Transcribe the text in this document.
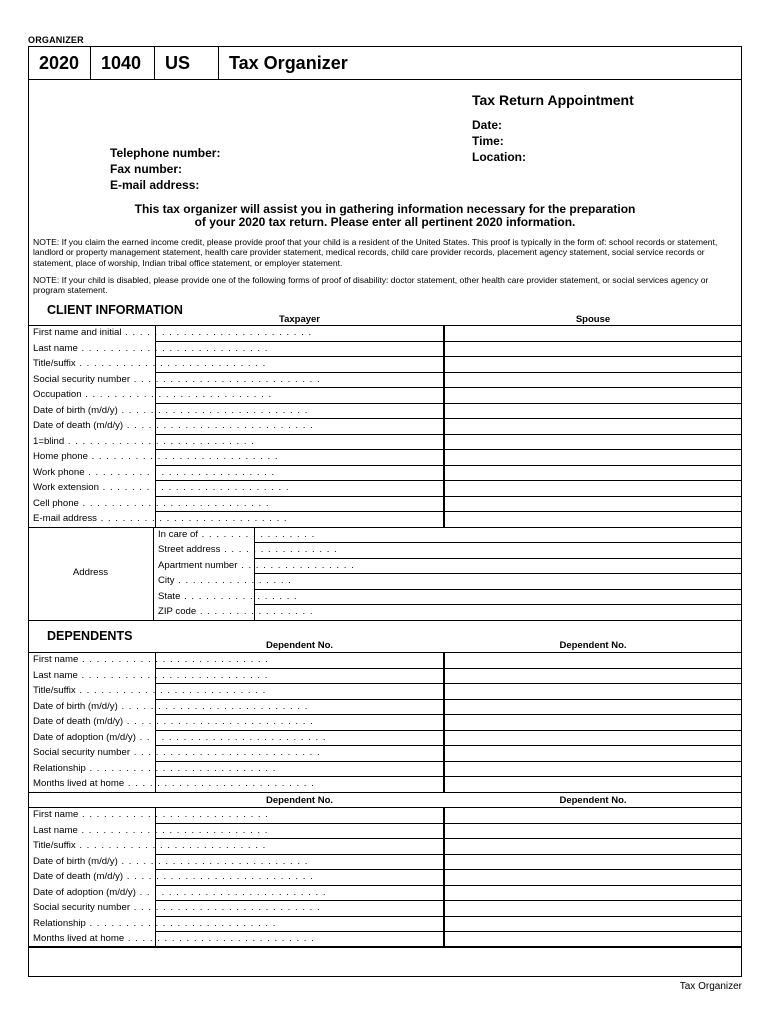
ORGANIZER
2020	1040	US	Tax Organizer
Tax Return Appointment
Date:
Time:
Location:
Telephone number:
Fax number:
E-mail address:
This tax organizer will assist you in gathering information necessary for the preparation
of your 2020 tax return. Please enter all pertinent 2020 information.
NOTE: If you claim the earned income credit, please provide proof that your child is a resident of the United States. This proof is typically in the form of: school records or statement, landlord or property management statement, health care provider statement, medical records, child care provider records, placement agency statement, social service records or statement, place of worship, Indian tribal office statement, or employer statement.
NOTE: If your child is disabled, please provide one of the following forms of proof of disability: doctor statement, other health care provider statement, or social services agency or program statement.
CLIENT INFORMATION
Taxpayer	Spouse
First name and initial . . . . . . . . . . . . . . . . . . . . . . . . . .
Last name . . . . . . . . . . . . . . . . . . . . . . . . . .
Title/suffix . . . . . . . . . . . . . . . . . . . . . . . . . .
Social security number . . . . . . . . . . . . . . . . . . . . . . . . . .
Occupation . . . . . . . . . . . . . . . . . . . . . . . . . .
Date of birth (m/d/y) . . . . . . . . . . . . . . . . . . . . . . . . . .
Date of death (m/d/y) . . . . . . . . . . . . . . . . . . . . . . . . . .
1=blind . . . . . . . . . . . . . . . . . . . . . . . . . .
Home phone . . . . . . . . . . . . . . . . . . . . . . . . . .
Work phone . . . . . . . . . . . . . . . . . . . . . . . . . .
Work extension . . . . . . . . . . . . . . . . . . . . . . . . . .
Cell phone . . . . . . . . . . . . . . . . . . . . . . . . . .
E-mail address . . . . . . . . . . . . . . . . . . . . . . . . . .
Address
In care of . . . . . . . . . . . . . . . .
Street address . . . . . . . . . . . . . . . .
Apartment number . . . . . . . . . . . . . . . .
City . . . . . . . . . . . . . . . .
State . . . . . . . . . . . . . . . .
ZIP code . . . . . . . . . . . . . . . .
DEPENDENTS
Dependent No.	Dependent No.
Dependent No.	Dependent No.
First name . . . . . . . . . . . . . . . . . . . . . . . . . .
Last name . . . . . . . . . . . . . . . . . . . . . . . . . .
Title/suffix . . . . . . . . . . . . . . . . . . . . . . . . . .
Date of birth (m/d/y) . . . . . . . . . . . . . . . . . . . . . . . . . .
Date of death (m/d/y) . . . . . . . . . . . . . . . . . . . . . . . . . .
Date of adoption (m/d/y) . . . . . . . . . . . . . . . . . . . . . . . . . .
Social security number . . . . . . . . . . . . . . . . . . . . . . . . . .
Relationship . . . . . . . . . . . . . . . . . . . . . . . . . .
Months lived at home . . . . . . . . . . . . . . . . . . . . . . . . . .
First name . . . . . . . . . . . . . . . . . . . . . . . . . .
Last name . . . . . . . . . . . . . . . . . . . . . . . . . .
Title/suffix . . . . . . . . . . . . . . . . . . . . . . . . . .
Date of birth (m/d/y) . . . . . . . . . . . . . . . . . . . . . . . . . .
Date of death (m/d/y) . . . . . . . . . . . . . . . . . . . . . . . . . .
Date of adoption (m/d/y) . . . . . . . . . . . . . . . . . . . . . . . . . .
Social security number . . . . . . . . . . . . . . . . . . . . . . . . . .
Relationship . . . . . . . . . . . . . . . . . . . . . . . . . .
Months lived at home . . . . . . . . . . . . . . . . . . . . . . . . . .
Tax Organizer
